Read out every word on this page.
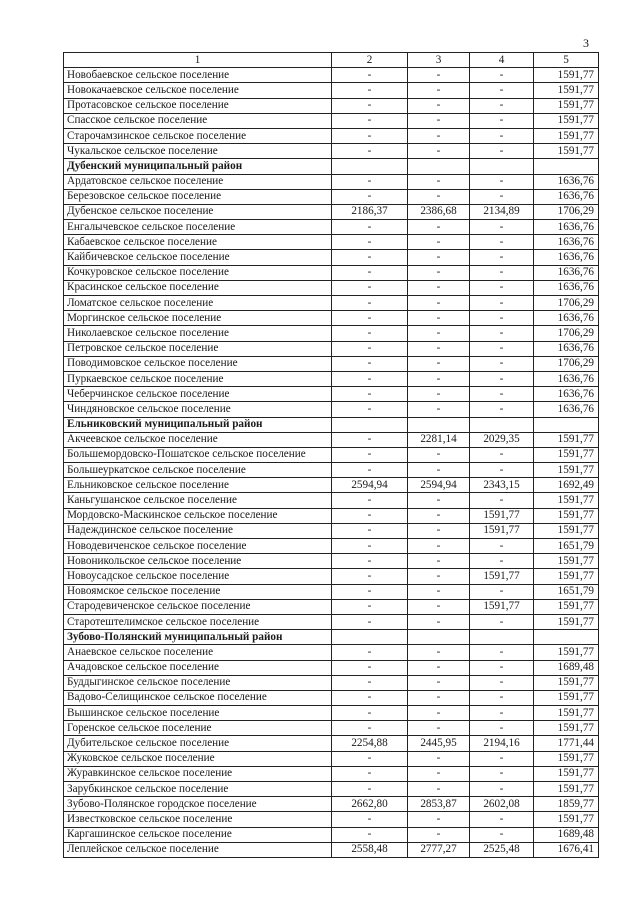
3
1	2	3	4	5
Новобаевское сельское поселение	-	-	-	1591,77
Новокачаевское сельское поселение	-	-	-	1591,77
Протасовское сельское поселение	-	-	-	1591,77
Спасское сельское поселение	-	-	-	1591,77
Старочамзинское сельское поселение	-	-	-	1591,77
Чукальское сельское поселение	-	-	-	1591,77
Дубенский муниципальный район				
Ардатовское сельское поселение	-	-	-	1636,76
Березовское сельское поселение	-	-	-	1636,76
Дубенское сельское поселение	2186,37	2386,68	2134,89	1706,29
Енгалычевское сельское поселение	-	-	-	1636,76
Кабаевское сельское поселение	-	-	-	1636,76
Кайбичевское сельское поселение	-	-	-	1636,76
Кочкуровское сельское поселение	-	-	-	1636,76
Красинское сельское поселение	-	-	-	1636,76
Ломатское сельское поселение	-	-	-	1706,29
Моргинское сельское поселение	-	-	-	1636,76
Николаевское сельское поселение	-	-	-	1706,29
Петровское сельское поселение	-	-	-	1636,76
Поводимовское сельское поселение	-	-	-	1706,29
Пуркаевское сельское поселение	-	-	-	1636,76
Чеберчинское сельское поселение	-	-	-	1636,76
Чиндяновское сельское поселение	-	-	-	1636,76
Ельниковский муниципальный район				
Акчеевское сельское поселение	-	2281,14	2029,35	1591,77
Большемордовско-Пошатское сельское поселение	-	-	-	1591,77
Большеуркатское сельское поселение	-	-	-	1591,77
Ельниковское сельское поселение	2594,94	2594,94	2343,15	1692,49
Каньгушанское сельское поселение	-	-	-	1591,77
Мордовско-Маскинское сельское поселение	-	-	1591,77	1591,77
Надеждинское сельское поселение	-	-	1591,77	1591,77
Новодевиченское сельское поселение	-	-	-	1651,79
Новоникольское сельское поселение	-	-	-	1591,77
Новоусадское сельское поселение	-	-	1591,77	1591,77
Новоямское сельское поселение	-	-	-	1651,79
Стародевиченское сельское поселение	-	-	1591,77	1591,77
Старотештелимское сельское поселение	-	-	-	1591,77
Зубово-Полянский муниципальный район				
Анаевское сельское поселение	-	-	-	1591,77
Ачадовское сельское поселение	-	-	-	1689,48
Буддыгинское сельское поселение	-	-	-	1591,77
Вадово-Селищинское сельское поселение	-	-	-	1591,77
Вышинское сельское поселение	-	-	-	1591,77
Горенское сельское поселение	-	-	-	1591,77
Дубительское сельское поселение	2254,88	2445,95	2194,16	1771,44
Жуковское сельское поселение	-	-	-	1591,77
Журавкинское сельское поселение	-	-	-	1591,77
Зарубкинское сельское поселение	-	-	-	1591,77
Зубово-Полянское городское поселение	2662,80	2853,87	2602,08	1859,77
Известковское сельское поселение	-	-	-	1591,77
Каргашинское сельское поселение	-	-	-	1689,48
Леплейское сельское поселение	2558,48	2777,27	2525,48	1676,41
